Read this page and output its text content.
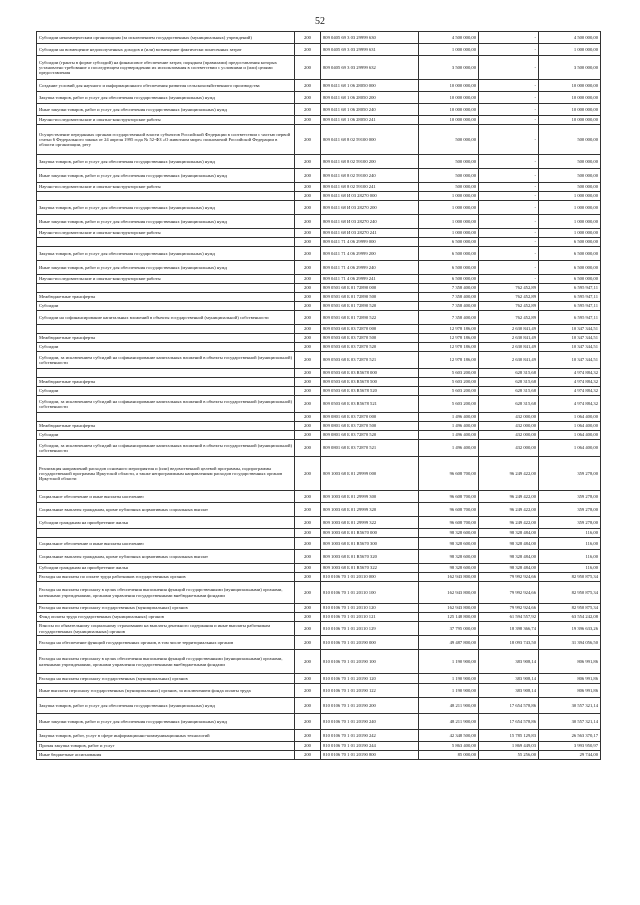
52
Субсидии некоммерческим организациям (за исключением государственных (муниципальных) учреждений)	200	809 0405 69 3 03 29999 630	4 500 000,00	-	4 500 000,00
Субсидии на возмещение недополученных доходов и (или) возмещение фактически понесенных затрат	200	809 0405 69 3 03 29999 631	1 000 000,00	-	1 000 000,00
Субсидии (гранты в форме субсидий) на финансовое обеспечение затрат, порядком (правилами) предоставления которых установлено требование о последующем подтверждении их использования в соответствии с условиями и (или) целями предоставления	200	809 0405 69 3 03 29999 632	3 500 000,00	-	3 500 000,00
Создание условий для научного и информационного обеспечения развития сельскохозяйственного производства	200	809 0411 68 1 06 28050 000	10 000 000,00	-	10 000 000,00
Закупка товаров, работ и услуг для обеспечения государственных (муниципальных) нужд	200	809 0411 68 1 06 28050 200	10 000 000,00	-	10 000 000,00
Иные закупки товаров, работ и услуг для обеспечения государственных (муниципальных) нужд	200	809 0411 68 1 06 28050 240	10 000 000,00	-	10 000 000,00
Научно-исследовательские и опытно-конструкторские работы	200	809 0411 68 1 06 28050 241	10 000 000,00	-	10 000 000,00
Осуществление переданных органам государственной власти субъектов Российской Федерации в соответствии с частью первой статьи 6 Федерального закона от 24 апреля 1995 года № 52-ФЗ «О животном мире» полномочий Российской Федерации в области организации, регу	200	809 0411 68 8 02 59100 000	500 000,00	-	500 000,00
Закупка товаров, работ и услуг для обеспечения государственных (муниципальных) нужд	200	809 0411 68 8 02 59100 200	500 000,00	-	500 000,00
Иные закупки товаров, работ и услуг для обеспечения государственных (муниципальных) нужд	200	809 0411 68 8 02 59100 240	500 000,00	-	500 000,00
Научно-исследовательские и опытно-конструкторские работы	200	809 0411 68 8 02 59100 241	500 000,00	-	500 000,00
	200	809 0411 68 И 03 28270 000	1 000 000,00	-	1 000 000,00
Закупка товаров, работ и услуг для обеспечения государственных (муниципальных) нужд	200	809 0411 68 И 03 28270 200	1 000 000,00	-	1 000 000,00
Иные закупки товаров, работ и услуг для обеспечения государственных (муниципальных) нужд	200	809 0411 68 И 03 28270 240	1 000 000,00	-	1 000 000,00
Научно-исследовательские и опытно-конструкторские работы	200	809 0411 68 И 03 28270 241	1 000 000,00	-	1 000 000,00
	200	809 0411 71 4 06 29999 000	6 500 000,00	-	6 500 000,00
Закупка товаров, работ и услуг для обеспечения государственных (муниципальных) нужд	200	809 0411 71 4 06 29999 200	6 500 000,00	-	6 500 000,00
Иные закупки товаров, работ и услуг для обеспечения государственных (муниципальных) нужд	200	809 0411 71 4 06 29999 240	6 500 000,00	-	6 500 000,00
Научно-исследовательские и опытно-конструкторские работы	200	809 0411 71 4 06 29999 241	6 500 000,00	-	6 500 000,00
	200	809 0501 68 Б 01 72890 000	7 358 400,00	762 452,89	6 595 947,11
Межбюджетные трансферты	200	809 0501 68 Б 01 72890 500	7 358 400,00	762 452,89	6 595 947,11
Субсидии	200	809 0501 68 Б 01 72890 520	7 358 400,00	762 452,89	6 595 947,11
Субсидии на софинансирование капитальных вложений в объекты государственной (муниципальной) собственности	200	809 0501 68 Б 01 72890 522	7 358 400,00	762 452,89	6 595 947,11
	200	809 0503 68 Б 03 72870 000	12 978 186,00	2 630 841,49	10 347 344,51
Межбюджетные трансферты	200	809 0503 68 Б 03 72870 500	12 978 186,00	2 630 841,49	10 347 344,51
Субсидии	200	809 0503 68 Б 03 72870 520	12 978 186,00	2 630 841,49	10 347 344,51
Субсидии, за исключением субсидий на софинансирование капитальных вложений в объекты государственной (муниципальной) собственности	200	809 0503 68 Б 03 72870 521	12 978 186,00	2 630 841,49	10 347 344,51
	200	809 0503 68 Б 03 R5678 000	5 603 200,00	628 315,68	4 974 884,32
Межбюджетные трансферты	200	809 0503 68 Б 03 R5678 500	5 603 200,00	628 315,68	4 974 884,32
Субсидии	200	809 0503 68 Б 03 R5678 520	5 603 200,00	628 315,68	4 974 884,32
Субсидии, за исключением субсидий на софинансирование капитальных вложений в объекты государственной (муниципальной) собственности	200	809 0503 68 Б 03 R5678 521	5 603 200,00	628 315,68	4 974 884,32
	200	809 0801 68 Б 03 72870 000	1 496 400,00	432 000,00	1 064 400,00
Межбюджетные трансферты	200	809 0801 68 Б 03 72870 500	1 496 400,00	432 000,00	1 064 400,00
Субсидии	200	809 0801 68 Б 03 72870 520	1 496 400,00	432 000,00	1 064 400,00
Субсидии, за исключением субсидий на софинансирование капитальных вложений в объекты государственной (муниципальной) собственности	200	809 0801 68 Б 03 72870 521	1 496 400,00	432 000,00	1 064 400,00
Реализация направлений расходов основного мероприятия и (или) ведомственной целевой программы, подпрограммы государственной программы Иркутской области, а также непрограммным направлениям расходов государственных органов Иркутской области	200	809 1003 68 Б 01 29999 000	96 608 700,00	96 249 422,00	359 278,00
Социальное обеспечение и иные выплаты населению	200	809 1003 68 Б 01 29999 300	96 608 700,00	96 249 422,00	359 278,00
Социальные выплаты гражданам, кроме публичных нормативных социальных выплат	200	809 1003 68 Б 01 29999 320	96 608 700,00	96 249 422,00	359 278,00
Субсидии гражданам на приобретение жилья	200	809 1003 68 Б 01 29999 322	96 608 700,00	96 249 422,00	359 278,00
	200	809 1003 68 Б 01 R5670 000	98 328 600,00	98 328 484,00	116,00
Социальное обеспечение и иные выплаты населению	200	809 1003 68 Б 01 R5670 300	98 328 600,00	98 328 484,00	116,00
Социальные выплаты гражданам, кроме публичных нормативных социальных выплат	200	809 1003 68 Б 01 R5670 320	98 328 600,00	98 328 484,00	116,00
Субсидии гражданам на приобретение жилья	200	809 1003 68 Б 01 R5670 322	98 328 600,00	98 328 484,00	116,00
Расходы на выплаты по оплате труда работников государственных органов	200	810 0106 70 1 01 20110 000	162 943 800,00	79 992 924,66	82 950 875,34
Расходы на выплаты персоналу в целях обеспечения выполнения функций государственными (муниципальными) органами, казенными учреждениями, органами управления государственными внебюджетными фондами	200	810 0106 70 1 01 20110 100	162 943 800,00	79 992 924,66	82 950 875,34
Расходы на выплаты персоналу государственных (муниципальных) органов	200	810 0106 70 1 01 20110 120	162 943 800,00	79 992 924,66	82 950 875,34
Фонд оплаты труда государственных (муниципальных) органов	200	810 0106 70 1 01 20110 121	125 148 800,00	61 594 557,92	63 554 242,08
Взносы по обязательному социальному страхованию на выплаты денежного содержания и иные выплаты работникам государственных (муниципальных) органов	200	810 0106 70 1 01 20110 129	37 795 000,00	18 398 366,74	19 396 633,26
Расходы на обеспечение функций государственных органов, в том числе территориальных органов	200	810 0106 70 1 01 20190 000	49 487 800,00	18 093 743,50	31 394 056,50
Расходы на выплаты персоналу в целях обеспечения выполнения функций государственными (муниципальными) органами, казенными учреждениями, органами управления государственными внебюджетными фондами	200	810 0106 70 1 01 20190 100	1 190 900,00	383 908,14	806 991,86
Расходы на выплаты персоналу государственных (муниципальных) органов	200	810 0106 70 1 01 20190 120	1 190 900,00	383 908,14	806 991,86
Иные выплаты персоналу государственных (муниципальных) органов, за исключением фонда оплаты труда	200	810 0106 70 1 01 20190 122	1 190 900,00	383 908,14	806 991,86
Закупка товаров, работ и услуг для обеспечения государственных (муниципальных) нужд	200	810 0106 70 1 01 20190 200	48 211 900,00	17 654 578,86	30 557 321,14
Иные закупки товаров, работ и услуг для обеспечения государственных (муниципальных) нужд	200	810 0106 70 1 01 20190 240	48 211 900,00	17 654 578,86	30 557 321,14
Закупка товаров, работ, услуг в сфере информационно-коммуникационных технологий	200	810 0106 70 1 01 20190 242	42 348 500,00	15 785 129,83	26 563 370,17
Прочая закупка товаров, работ и услуг	200	810 0106 70 1 01 20190 244	5 863 400,00	1 869 449,03	3 993 950,97
Иные бюджетные ассигнования	200	810 0106 70 1 01 20190 800	85 000,00	55 256,00	29 744,00
